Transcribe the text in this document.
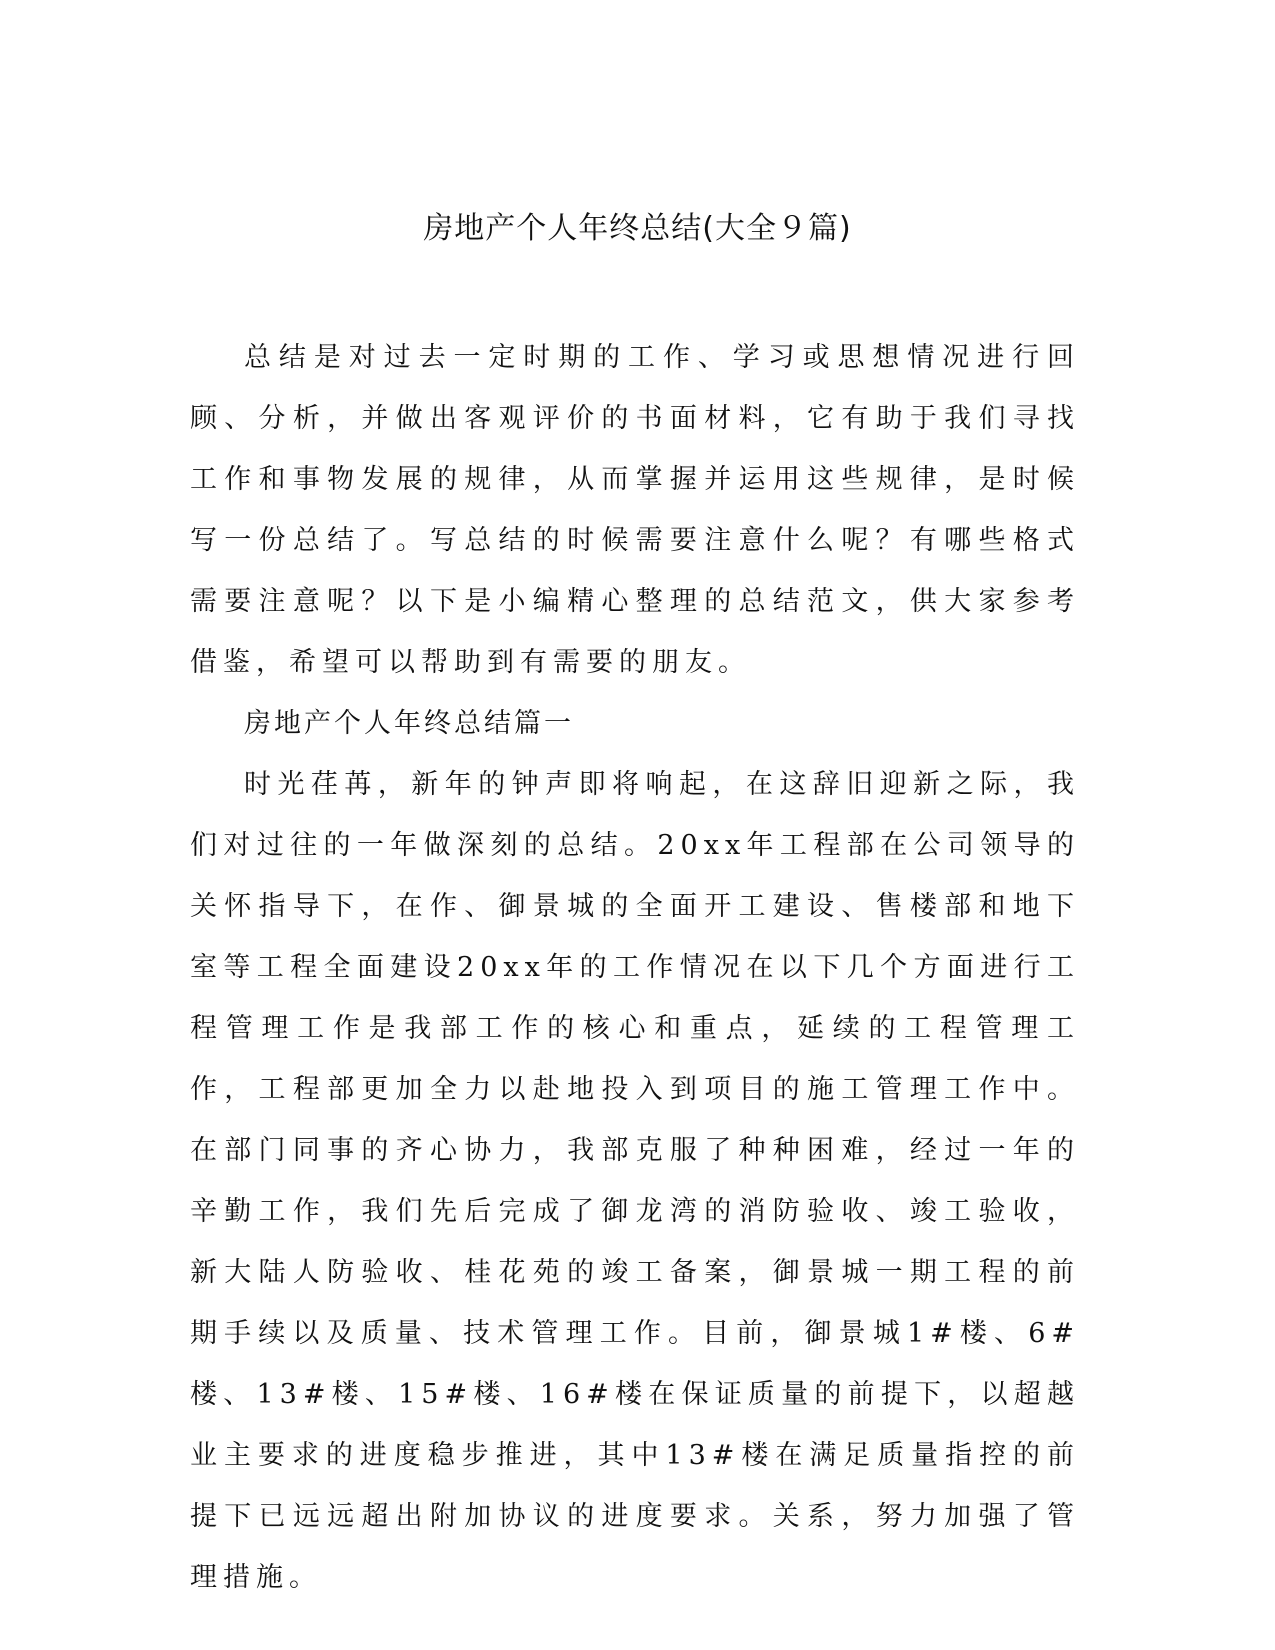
房地产个人年终总结(大全９篇)

总结是对过去一定时期的工作、学习或思想情况进行回顾、分析，并做出客观评价的书面材料，它有助于我们寻找工作和事物发展的规律，从而掌握并运用这些规律，是时候写一份总结了。写总结的时候需要注意什么呢？有哪些格式需要注意呢？以下是小编精心整理的总结范文，供大家参考借鉴，希望可以帮助到有需要的朋友。

房地产个人年终总结篇一

时光荏苒，新年的钟声即将响起，在这辞旧迎新之际，我们对过往的一年做深刻的总结。20xx年工程部在公司领导的关怀指导下，在作、御景城的全面开工建设、售楼部和地下室等工程全面建设20xx年的工作情况在以下几个方面进行工程管理工作是我部工作的核心和重点，延续的工程管理工作，工程部更加全力以赴地投入到项目的施工管理工作中。在部门同事的齐心协力，我部克服了种种困难，经过一年的辛勤工作，我们先后完成了御龙湾的消防验收、竣工验收，新大陆人防验收、桂花苑的竣工备案，御景城一期工程的前期手续以及质量、技术管理工作。目前，御景城1#楼、6#楼、13#楼、15#楼、16#楼在保证质量的前提下，以超越业主要求的进度稳步推进，其中13#楼在满足质量指控的前提下已远远超出附加协议的进度要求。关系，努力加强了管理措施。
